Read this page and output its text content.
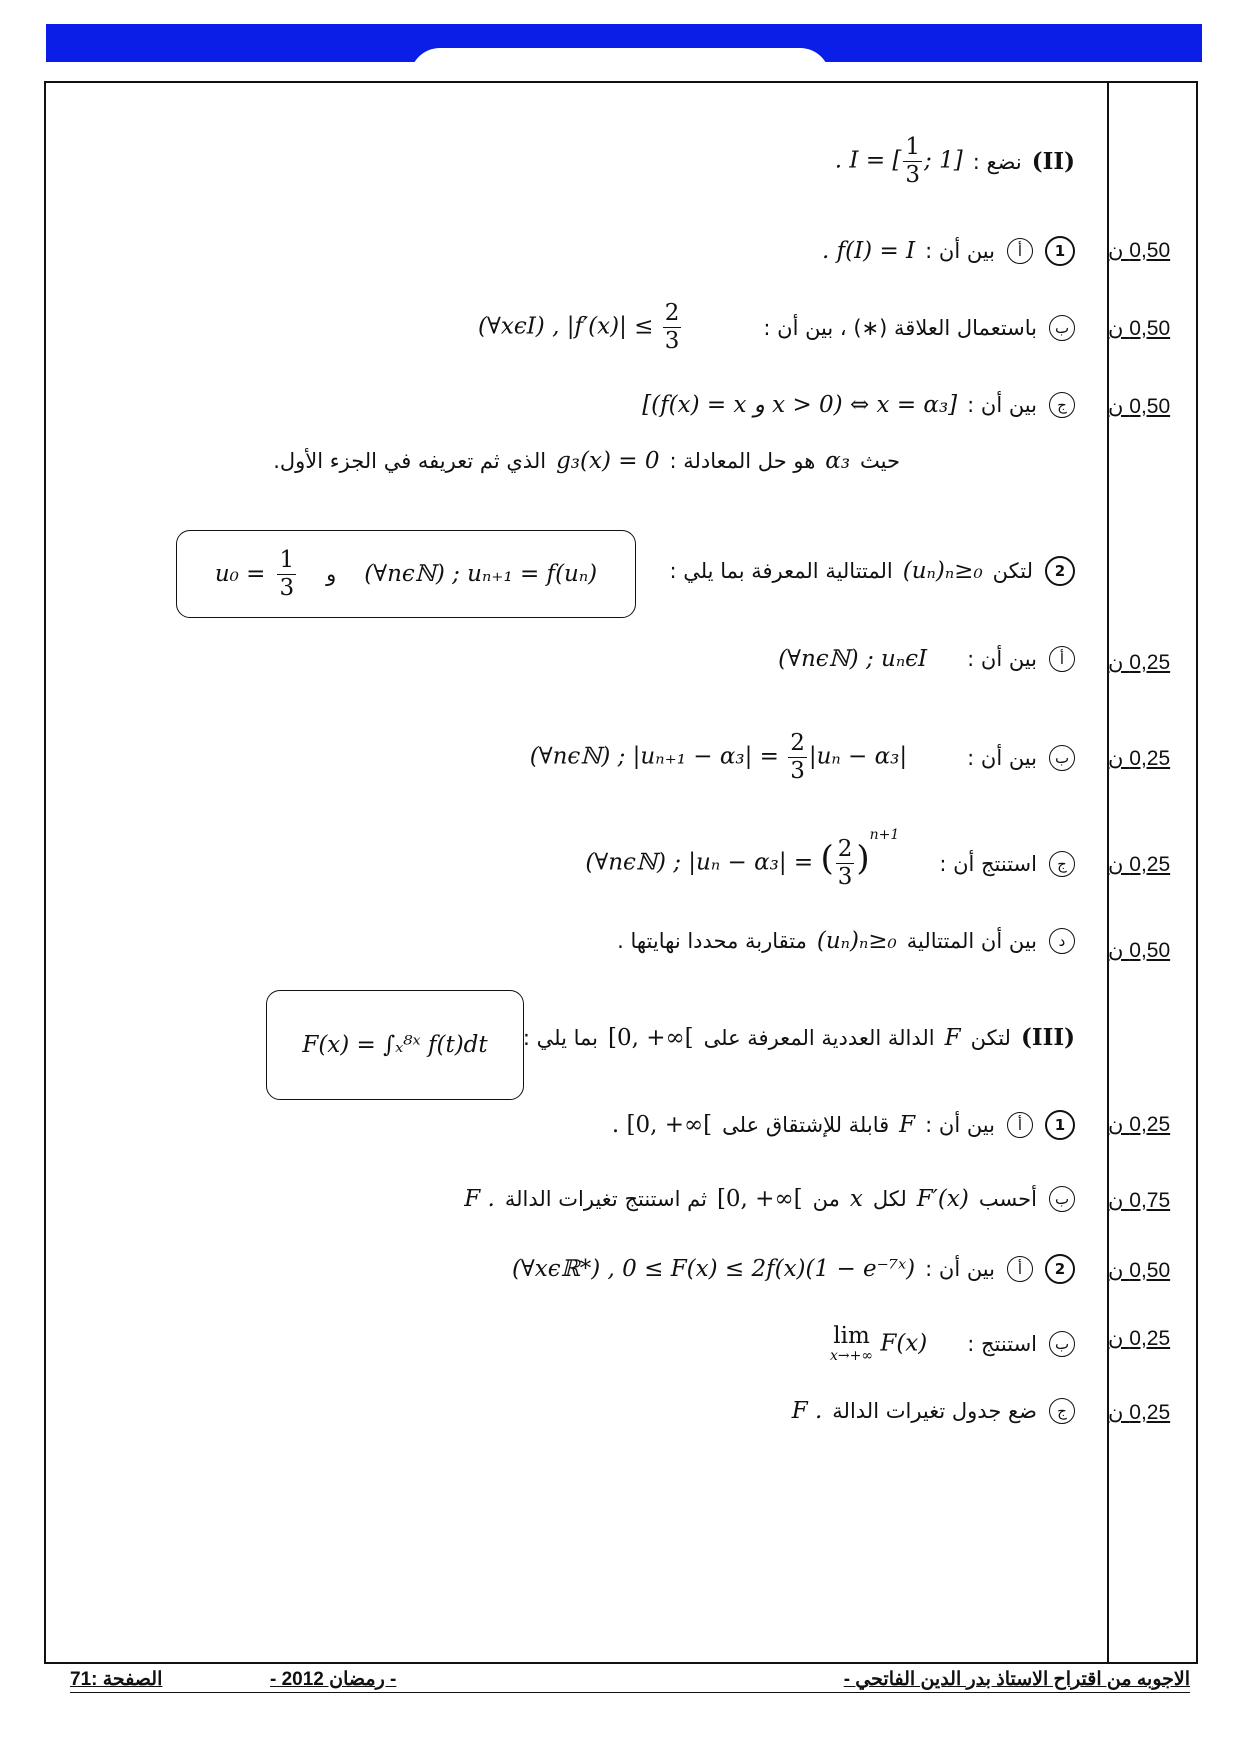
(II)
نضع :
. I = [ $\frac{1}{3}$ ; 1]
1
أ
بين أن :
. f(I) = I	0,50 ن
ب
باستعمال العلاقة (∗) ، بين أن :
(∀xϵI) , $|f'(x)| \le \frac{2}{3}$	0,50 ن
ج
بين أن :
[(f(x) = x و x > 0) ⇔ x = α₃]	0,50 ن
حيث
α₃
هو حل المعادلة :
g₃(x) = 0
الذي ثم تعريفه في الجزء الأول.
2
لتكن
(uₙ)ₙ≥₀
المتتالية المعرفة بما يلي :
$u_0 = \frac{1}{3}$ و (∀nϵℕ) ; uₙ₊₁ = f(uₙ)
أ
بين أن :
(∀nϵℕ) ; uₙϵI	0,25 ن
ب
بين أن :
(∀nϵℕ) ; $|u_{n+1} - \alpha_3| = \frac{2}{3} |u_n - \alpha_3|$	0,25 ن
ج
استنتج أن :
(∀nϵℕ) ; |uₙ − α₃| = ( $\frac{2}{3} )^{n+1}$
0,25 ن
د
بين أن المتتالية
(uₙ)ₙ≥₀
متقاربة محددا نهايتها .	0,50 ن
(III)
لتكن
F
الدالة العددية المعرفة على
[0, +∞[
بما يلي :
F(x) = ∫ₓ⁸ˣ f(t)dt
1
أ
بين أن :
F
قابلة للإشتقاق على
. [0, +∞[	0,25 ن
ب
أحسب
F′(x)
لكل
x
من
[0, +∞[
ثم استنتج تغيرات الدالة
F .	0,75 ن
2
أ
بين أن :
(∀xϵℝ*) , 0 ≤ F(x) ≤ 2f(x)(1 − e⁻⁷ˣ)	0,50 ن
ب
استنتج :
lim
x→+∞ F(x)	0,25 ن
ج
ضع جدول تغيرات الدالة
F .	0,25 ن
الصفحة :71	- رمضان 2012 -	الاجوبه من اقتراح الاستاذ بدر الدين الفاتحي -
